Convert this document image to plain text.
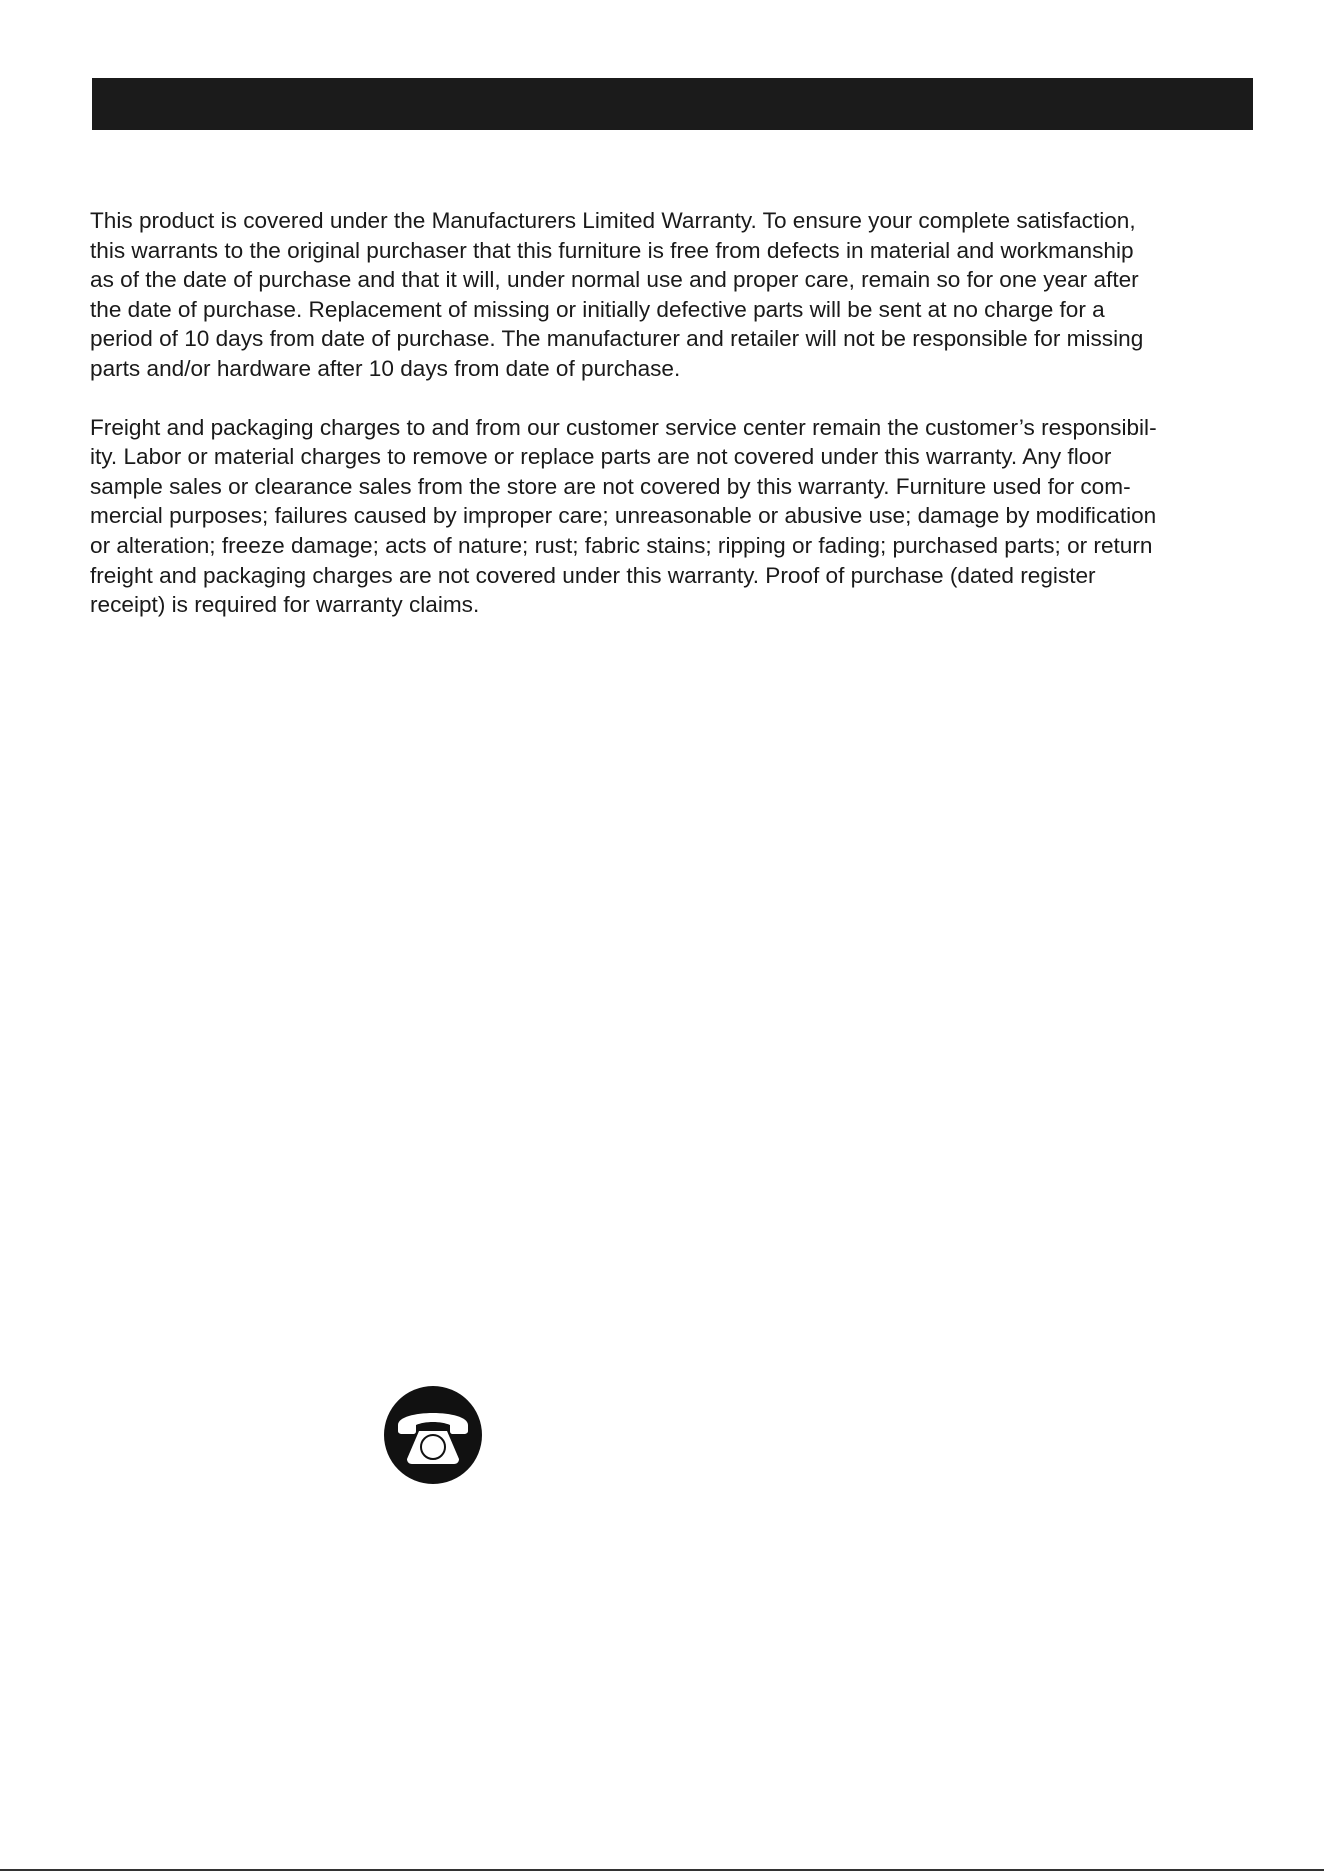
This product is covered under the Manufacturers Limited Warranty. To ensure your complete satisfaction,
this warrants to the original purchaser that this furniture is free from defects in material and workmanship
as of the date of purchase and that it will, under normal use and proper care, remain so for one year after
the date of purchase. Replacement of missing or initially defective parts will be sent at no charge for a
period of 10 days from date of purchase. The manufacturer and retailer will not be responsible for missing
parts and/or hardware after 10 days from date of purchase.
Freight and packaging charges to and from our customer service center remain the customer’s responsibil-
ity. Labor or material charges to remove or replace parts are not covered under this warranty. Any floor
sample sales or clearance sales from the store are not covered by this warranty. Furniture used for com-
mercial purposes; failures caused by improper care; unreasonable or abusive use; damage by modification
or alteration; freeze damage; acts of nature; rust; fabric stains; ripping or fading; purchased parts; or return
freight and packaging charges are not covered under this warranty. Proof of purchase (dated register
receipt) is required for warranty claims.
